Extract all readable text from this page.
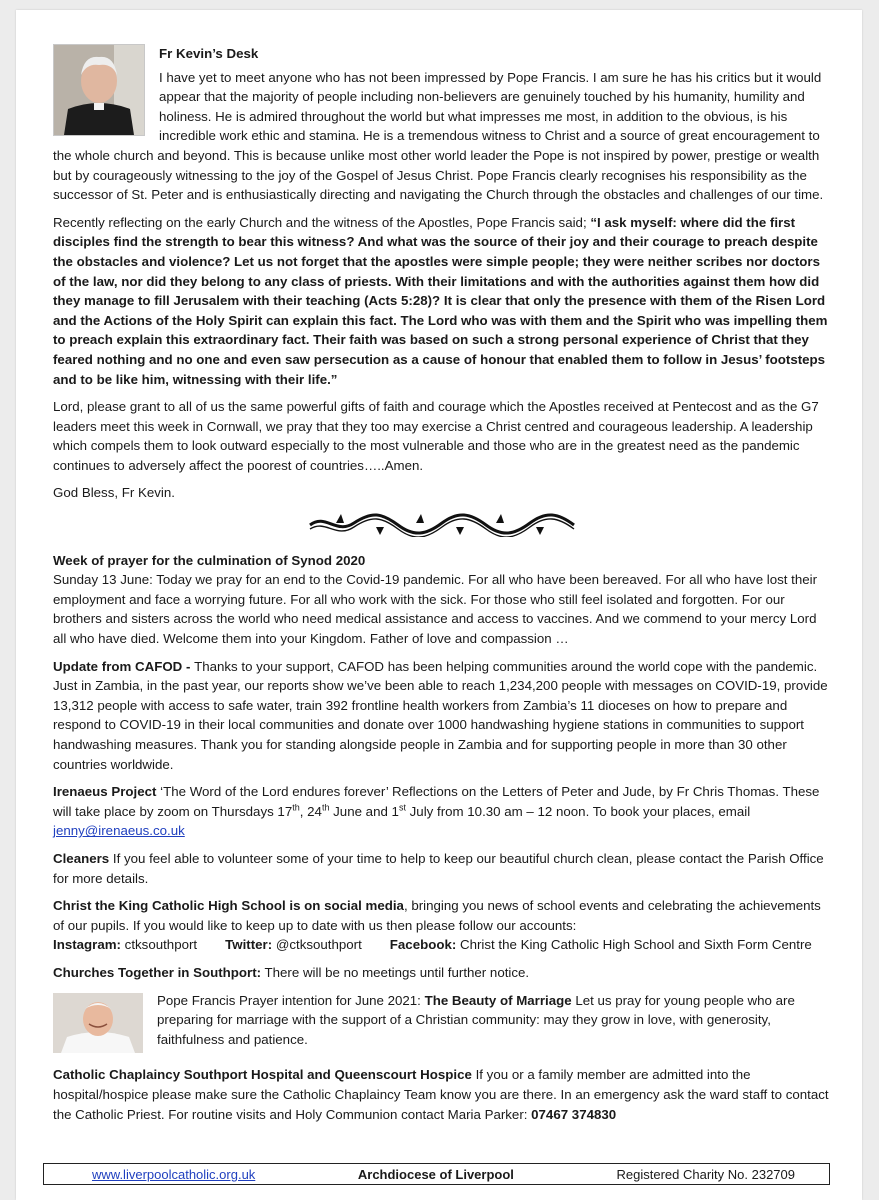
Fr Kevin’s Desk

I have yet to meet anyone who has not been impressed by Pope Francis. I am sure he has his critics but it would appear that the majority of people including non-believers are genuinely touched by his humanity, humility and holiness. He is admired throughout the world but what impresses me most, in addition to the obvious, is his incredible work ethic and stamina. He is a tremendous witness to Christ and a source of great encouragement to the whole church and beyond. This is because unlike most other world leader the Pope is not inspired by power, prestige or wealth but by courageously witnessing to the joy of the Gospel of Jesus Christ. Pope Francis clearly recognises his responsibility as the successor of St. Peter and is enthusiastically directing and navigating the Church through the obstacles and challenges of our time.

Recently reflecting on the early Church and the witness of the Apostles, Pope Francis said; “I ask myself: where did the first disciples find the strength to bear this witness? And what was the source of their joy and their courage to preach despite the obstacles and violence? Let us not forget that the apostles were simple people; they were neither scribes nor doctors of the law, nor did they belong to any class of priests. With their limitations and with the authorities against them how did they manage to fill Jerusalem with their teaching (Acts 5:28)? It is clear that only the presence with them of the Risen Lord and the Actions of the Holy Spirit can explain this fact. The Lord who was with them and the Spirit who was impelling them to preach explain this extraordinary fact. Their faith was based on such a strong personal experience of Christ that they feared nothing and no one and even saw persecution as a cause of honour that enabled them to follow in Jesus’ footsteps and to be like him, witnessing with their life.”

Lord, please grant to all of us the same powerful gifts of faith and courage which the Apostles received at Pentecost and as the G7 leaders meet this week in Cornwall, we pray that they too may exercise a Christ centred and courageous leadership. A leadership which compels them to look outward especially to the most vulnerable and those who are in the greatest need as the pandemic continues to adversely affect the poorest of countries…..Amen.

God Bless, Fr Kevin.

Week of prayer for the culmination of Synod 2020

Sunday 13 June: Today we pray for an end to the Covid-19 pandemic. For all who have been bereaved. For all who have lost their employment and face a worrying future. For all who work with the sick. For those who still feel isolated and forgotten. For our brothers and sisters across the world who need medical assistance and access to vaccines. And we commend to your mercy Lord all who have died. Welcome them into your Kingdom. Father of love and compassion …

Update from CAFOD - Thanks to your support, CAFOD has been helping communities around the world cope with the pandemic. Just in Zambia, in the past year, our reports show we’ve been able to reach 1,234,200 people with messages on COVID-19, provide 13,312 people with access to safe water, train 392 frontline health workers from Zambia’s 11 dioceses on how to prepare and respond to COVID-19 in their local communities and donate over 1000 handwashing hygiene stations in communities to support handwashing measures. Thank you for standing alongside people in Zambia and for supporting people in more than 30 other countries worldwide.

Irenaeus Project ‘The Word of the Lord endures forever’ Reflections on the Letters of Peter and Jude, by Fr Chris Thomas. These will take place by zoom on Thursdays 17th, 24th June and 1st July from 10.30 am – 12 noon. To book your places, email jenny@irenaeus.co.uk

Cleaners If you feel able to volunteer some of your time to help to keep our beautiful church clean, please contact the Parish Office for more details.

Christ the King Catholic High School is on social media, bringing you news of school events and celebrating the achievements of our pupils. If you would like to keep up to date with us then please follow our accounts:

Instagram: ctksouthport Twitter: @ctksouthport Facebook: Christ the King Catholic High School and Sixth Form Centre

Churches Together in Southport: There will be no meetings until further notice.

Pope Francis Prayer intention for June 2021: The Beauty of Marriage Let us pray for young people who are preparing for marriage with the support of a Christian community: may they grow in love, with generosity, faithfulness and patience.

Catholic Chaplaincy Southport Hospital and Queenscourt Hospice If you or a family member are admitted into the hospital/hospice please make sure the Catholic Chaplaincy Team know you are there. In an emergency ask the ward staff to contact the Catholic Priest. For routine visits and Holy Communion contact Maria Parker: 07467 374830

www.liverpoolcatholic.org.uk	Archdiocese of Liverpool	Registered Charity No. 232709
